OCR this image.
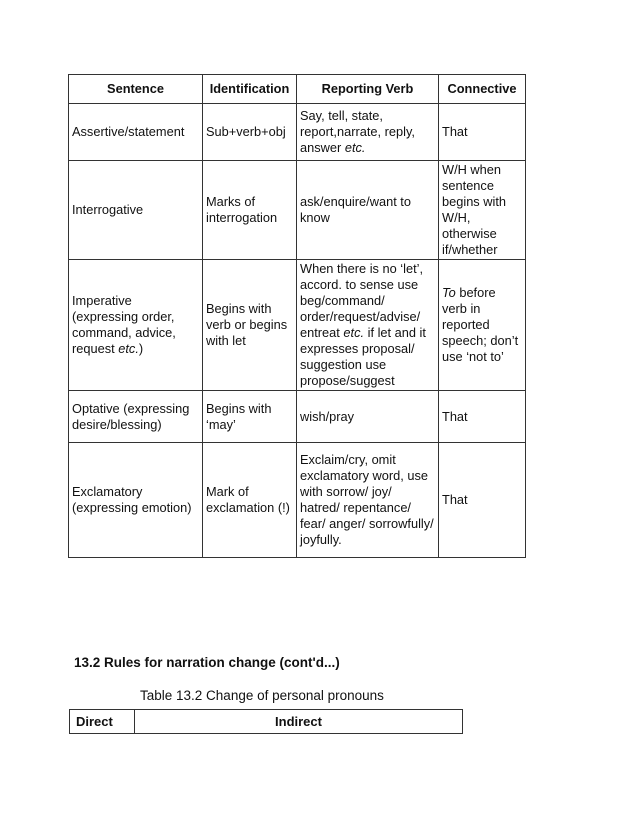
Sentence	Identification	Reporting Verb	Connective
Assertive/statement	Sub+verb+obj	Say, tell, state, report,narrate, reply, answer etc.	That
Interrogative	Marks of interrogation	ask/enquire/want to know	W/H when sentence begins with W/H, otherwise if/whether
Imperative (expressing order, command, advice, request etc.)	Begins with verb or begins with let	When there is no ‘let’, accord. to sense use beg/command/ order/request/advise/ entreat etc. if let and it expresses proposal/ suggestion use propose/suggest	To before verb in reported speech; don’t use ‘not to’
Optative (expressing desire/blessing)	Begins with ‘may’	wish/pray	That
Exclamatory (expressing emotion)	Mark of exclamation (!)	Exclaim/cry, omit exclamatory word, use with sorrow/ joy/ hatred/ repentance/ fear/ anger/ sorrowfully/ joyfully.	That

13.2 Rules for narration change (cont'd...)

Table 13.2 Change of personal pronouns

Direct	Indirect
